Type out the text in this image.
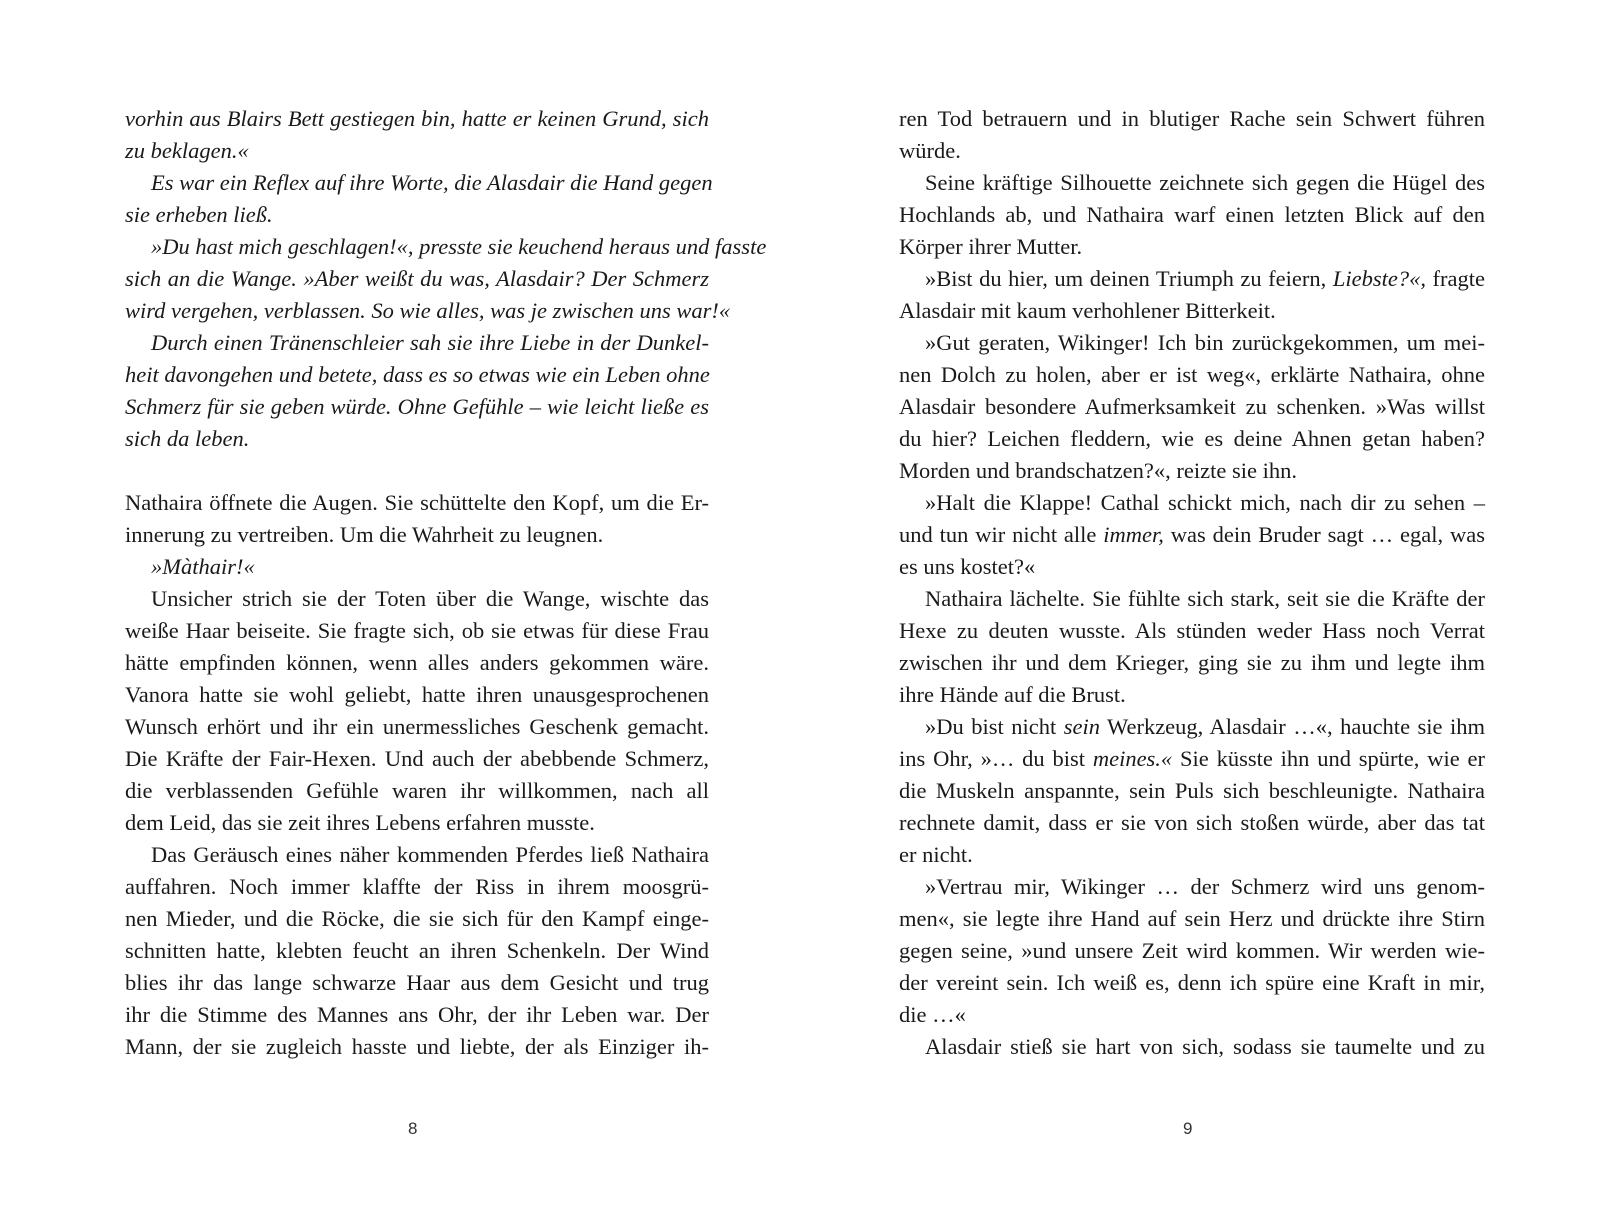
vorhin aus Blairs Bett gestiegen bin, hatte er keinen Grund, sich
zu beklagen.«
Es war ein Reflex auf ihre Worte, die Alasdair die Hand gegen
sie erheben ließ.
»Du hast mich geschlagen!«, presste sie keuchend heraus und fasste
sich an die Wange. »Aber weißt du was, Alasdair? Der Schmerz
wird vergehen, verblassen. So wie alles, was je zwischen uns war!«
Durch einen Tränenschleier sah sie ihre Liebe in der Dunkel-
heit davongehen und betete, dass es so etwas wie ein Leben ohne
Schmerz für sie geben würde. Ohne Gefühle – wie leicht ließe es
sich da leben.
Nathaira öffnete die Augen. Sie schüttelte den Kopf, um die Er-
innerung zu vertreiben. Um die Wahrheit zu leugnen.
»Màthair!«
Unsicher strich sie der Toten über die Wange, wischte das
weiße Haar beiseite. Sie fragte sich, ob sie etwas für diese Frau
hätte empfinden können, wenn alles anders gekommen wäre.
Vanora hatte sie wohl geliebt, hatte ihren unausgesprochenen
Wunsch erhört und ihr ein unermessliches Geschenk gemacht.
Die Kräfte der Fair-Hexen. Und auch der abebbende Schmerz,
die verblassenden Gefühle waren ihr willkommen, nach all
dem Leid, das sie zeit ihres Lebens erfahren musste.
Das Geräusch eines näher kommenden Pferdes ließ Nathaira
auffahren. Noch immer klaffte der Riss in ihrem moosgrü-
nen Mieder, und die Röcke, die sie sich für den Kampf einge-
schnitten hatte, klebten feucht an ihren Schenkeln. Der Wind
blies ihr das lange schwarze Haar aus dem Gesicht und trug
ihr die Stimme des Mannes ans Ohr, der ihr Leben war. Der
Mann, der sie zugleich hasste und liebte, der als Einziger ih-
8
ren Tod betrauern und in blutiger Rache sein Schwert führen
würde.
Seine kräftige Silhouette zeichnete sich gegen die Hügel des
Hochlands ab, und Nathaira warf einen letzten Blick auf den
Körper ihrer Mutter.
»Bist du hier, um deinen Triumph zu feiern, Liebste?«, fragte
Alasdair mit kaum verhohlener Bitterkeit.
»Gut geraten, Wikinger! Ich bin zurückgekommen, um mei-
nen Dolch zu holen, aber er ist weg«, erklärte Nathaira, ohne
Alasdair besondere Aufmerksamkeit zu schenken. »Was willst
du hier? Leichen fleddern, wie es deine Ahnen getan haben?
Morden und brandschatzen?«, reizte sie ihn.
»Halt die Klappe! Cathal schickt mich, nach dir zu sehen –
und tun wir nicht alle immer, was dein Bruder sagt … egal, was
es uns kostet?«
Nathaira lächelte. Sie fühlte sich stark, seit sie die Kräfte der
Hexe zu deuten wusste. Als stünden weder Hass noch Verrat
zwischen ihr und dem Krieger, ging sie zu ihm und legte ihm
ihre Hände auf die Brust.
»Du bist nicht sein Werkzeug, Alasdair …«, hauchte sie ihm
ins Ohr, »… du bist meines.« Sie küsste ihn und spürte, wie er
die Muskeln anspannte, sein Puls sich beschleunigte. Nathaira
rechnete damit, dass er sie von sich stoßen würde, aber das tat
er nicht.
»Vertrau mir, Wikinger … der Schmerz wird uns genom-
men«, sie legte ihre Hand auf sein Herz und drückte ihre Stirn
gegen seine, »und unsere Zeit wird kommen. Wir werden wie-
der vereint sein. Ich weiß es, denn ich spüre eine Kraft in mir,
die …«
Alasdair stieß sie hart von sich, sodass sie taumelte und zu
9
